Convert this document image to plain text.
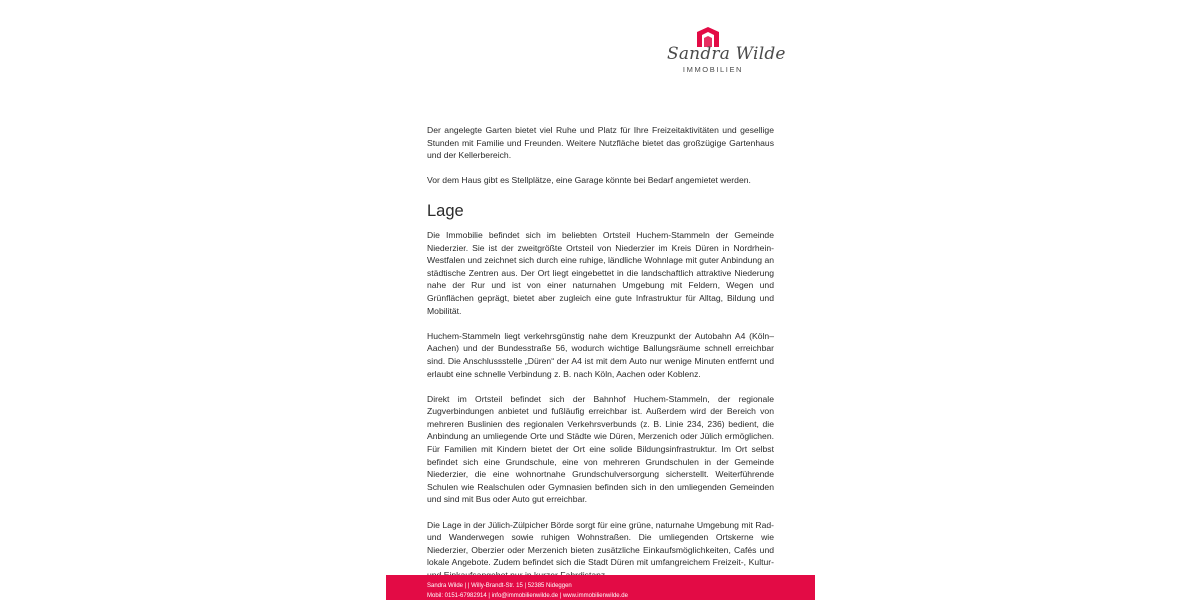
Sandra Wilde
IMMOBILIEN

Der angelegte Garten bietet viel Ruhe und Platz für Ihre Freizeitaktivitäten und gesellige Stunden mit Familie und Freunden. Weitere Nutzfläche bietet das großzügige Gartenhaus und der Kellerbereich.

Vor dem Haus gibt es Stellplätze, eine Garage könnte bei Bedarf angemietet werden.

Lage

Die Immobilie befindet sich im beliebten Ortsteil Huchem-Stammeln der Gemeinde Niederzier. Sie ist der zweitgrößte Ortsteil von Niederzier im Kreis Düren in Nordrhein-Westfalen und zeichnet sich durch eine ruhige, ländliche Wohnlage mit guter Anbindung an städtische Zentren aus. Der Ort liegt eingebettet in die landschaftlich attraktive Niederung nahe der Rur und ist von einer naturnahen Umgebung mit Feldern, Wegen und Grünflächen geprägt, bietet aber zugleich eine gute Infrastruktur für Alltag, Bildung und Mobilität.

Huchem-Stammeln liegt verkehrsgünstig nahe dem Kreuzpunkt der Autobahn A4 (Köln–Aachen) und der Bundesstraße 56, wodurch wichtige Ballungsräume schnell erreichbar sind. Die Anschlussstelle „Düren“ der A4 ist mit dem Auto nur wenige Minuten entfernt und erlaubt eine schnelle Verbindung z. B. nach Köln, Aachen oder Koblenz.

Direkt im Ortsteil befindet sich der Bahnhof Huchem-Stammeln, der regionale Zugverbindungen anbietet und fußläufig erreichbar ist. Außerdem wird der Bereich von mehreren Buslinien des regionalen Verkehrsverbunds (z. B. Linie 234, 236) bedient, die Anbindung an umliegende Orte und Städte wie Düren, Merzenich oder Jülich ermöglichen. Für Familien mit Kindern bietet der Ort eine solide Bildungsinfrastruktur. Im Ort selbst befindet sich eine Grundschule, eine von mehreren Grundschulen in der Gemeinde Niederzier, die eine wohnortnahe Grundschulversorgung sicherstellt. Weiterführende Schulen wie Realschulen oder Gymnasien befinden sich in den umliegenden Gemeinden und sind mit Bus oder Auto gut erreichbar.

Die Lage in der Jülich-Zülpicher Börde sorgt für eine grüne, naturnahe Umgebung mit Rad- und Wanderwegen sowie ruhigen Wohnstraßen. Die umliegenden Ortskerne wie Niederzier, Oberzier oder Merzenich bieten zusätzliche Einkaufsmöglichkeiten, Cafés und lokale Angebote. Zudem befindet sich die Stadt Düren mit umfangreichem Freizeit-, Kultur-

Sandra Wilde | | Willy-Brandt-Str. 15 | 52385 Nideggen
Mobil: 0151-67982914 | info@immobilienwilde.de | www.immobilienwilde.de
